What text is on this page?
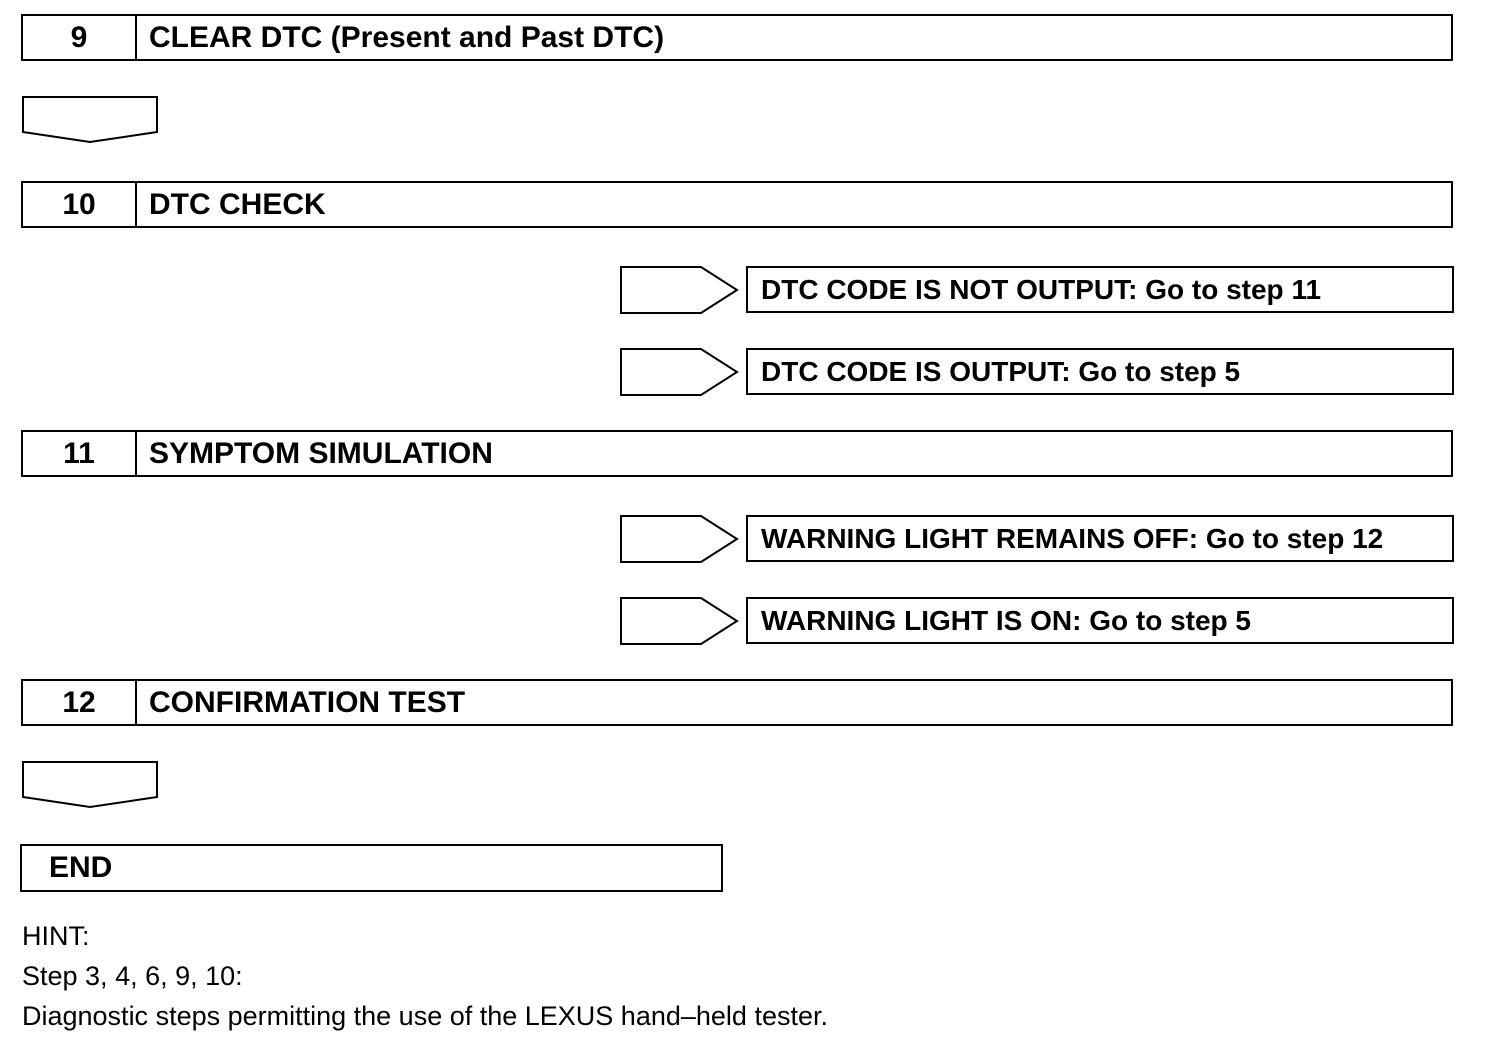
9	CLEAR DTC (Present and Past DTC)
10	DTC CHECK
DTC CODE IS NOT OUTPUT: Go to step 11
DTC CODE IS OUTPUT: Go to step 5
11	SYMPTOM SIMULATION
WARNING LIGHT REMAINS OFF: Go to step 12
WARNING LIGHT IS ON: Go to step 5
12	CONFIRMATION TEST
END
HINT:
Step 3, 4, 6, 9, 10:
Diagnostic steps permitting the use of the LEXUS hand–held tester.
